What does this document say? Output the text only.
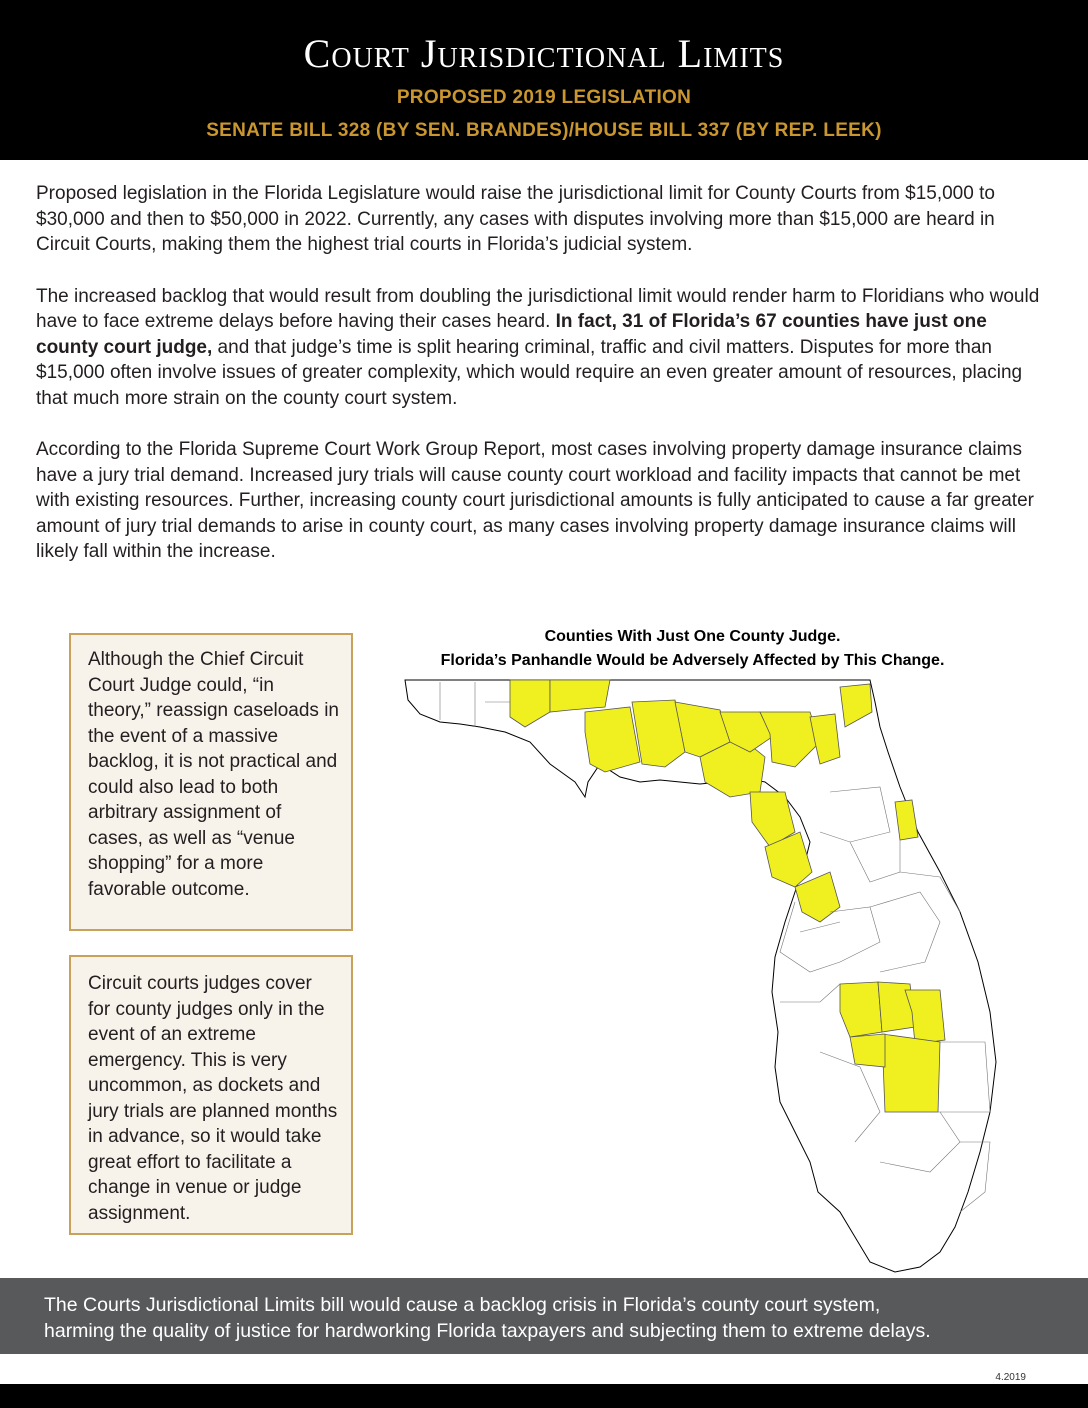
Court Jurisdictional Limits
PROPOSED 2019 LEGISLATION
SENATE BILL 328 (BY SEN. BRANDES)/HOUSE BILL 337 (BY REP. LEEK)

Proposed legislation in the Florida Legislature would raise the jurisdictional limit for County Courts from $15,000 to $30,000 and then to $50,000 in 2022. Currently, any cases with disputes involving more than $15,000 are heard in Circuit Courts, making them the highest trial courts in Florida’s judicial system.

The increased backlog that would result from doubling the jurisdictional limit would render harm to Floridians who would have to face extreme delays before having their cases heard. In fact, 31 of Florida’s 67 counties have just one county court judge, and that judge’s time is split hearing criminal, traffic and civil matters. Disputes for more than $15,000 often involve issues of greater complexity, which would require an even greater amount of resources, placing that much more strain on the county court system.

According to the Florida Supreme Court Work Group Report, most cases involving property damage insurance claims have a jury trial demand. Increased jury trials will cause county court workload and facility impacts that cannot be met with existing resources. Further, increasing county court jurisdictional amounts is fully anticipated to cause a far greater amount of jury trial demands to arise in county court, as many cases involving property damage insurance claims will likely fall within the increase.

Although the Chief Circuit Court Judge could, “in theory,” reassign caseloads in the event of a massive backlog, it is not practical and could also lead to both arbitrary assignment of cases, as well as “venue shopping” for a more favorable outcome.
Circuit courts judges cover for county judges only in the event of an extreme emergency. This is very uncommon, as dockets and jury trials are planned months in advance, so it would take great effort to facilitate a change in venue or judge assignment.
Counties With Just One County Judge.
Florida’s Panhandle Would be Adversely Affected by This Change.
The Courts Jurisdictional Limits bill would cause a backlog crisis in Florida’s county court system,
harming the quality of justice for hardworking Florida taxpayers and subjecting them to extreme delays.
4.2019
